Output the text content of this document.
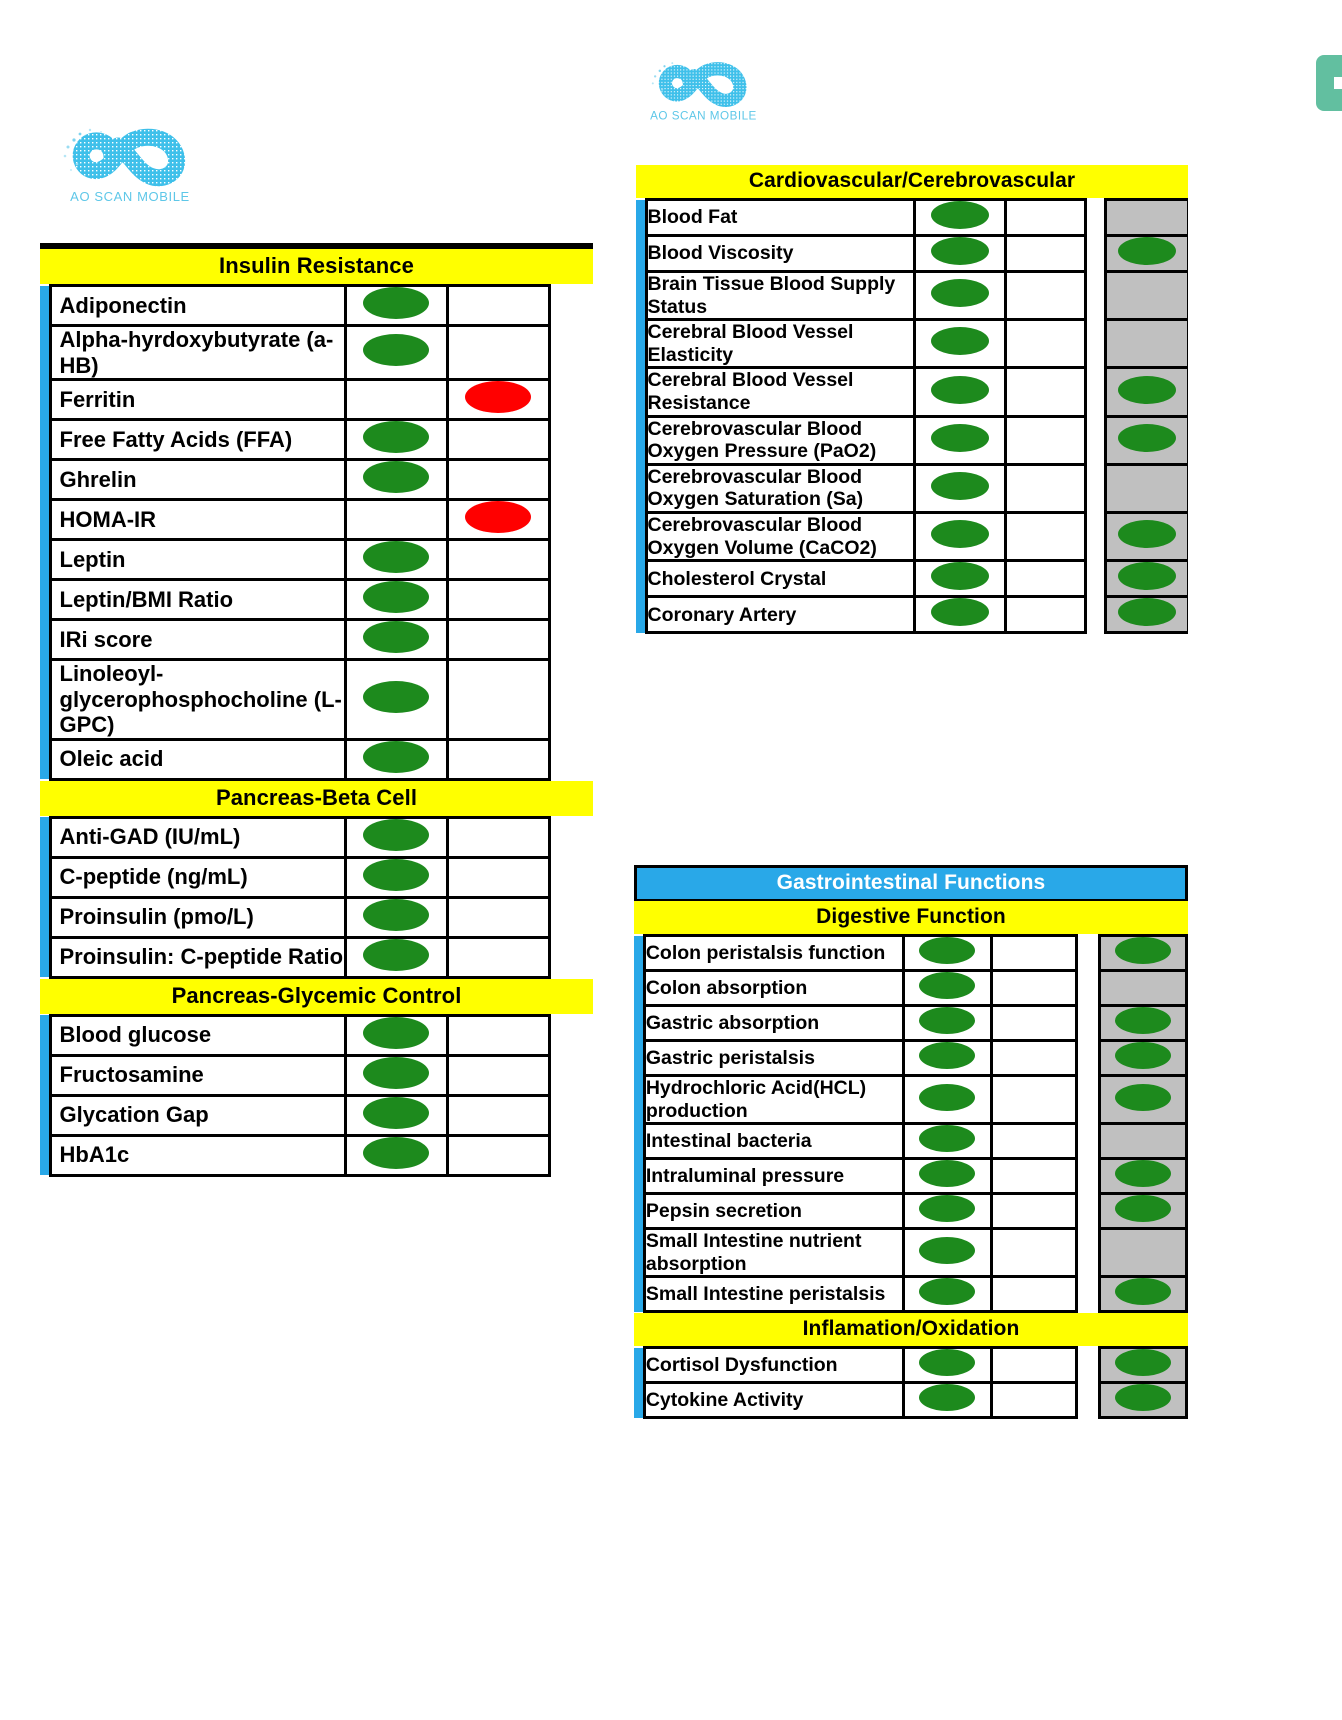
AO SCAN MOBILE
AO SCAN MOBILE
Insulin Resistance
	Adiponectin			
	Alpha-hyrdoxybutyrate (a-HB)			
	Ferritin			
	Free Fatty Acids (FFA)			
	Ghrelin			
	HOMA-IR			
	Leptin			
	Leptin/BMI Ratio			
	IRi score			
	Linoleoyl-glycerophosphocholine (L-GPC)			
	Oleic acid			
Pancreas-Beta Cell
	Anti-GAD (IU/mL)			
	C-peptide (ng/mL)			
	Proinsulin (pmo/L)			
	Proinsulin: C-peptide Ratio			
Pancreas-Glycemic Control
	Blood glucose			
	Fructosamine			
	Glycation Gap			
	HbA1c			
Cardiovascular/Cerebrovascular
	Blood Fat				
	Blood Viscosity				
	Brain Tissue Blood Supply Status				
	Cerebral Blood Vessel Elasticity				
	Cerebral Blood Vessel Resistance				
	Cerebrovascular Blood Oxygen Pressure (PaO2)				
	Cerebrovascular Blood Oxygen Saturation (Sa)				
	Cerebrovascular Blood Oxygen Volume (CaCO2)				
	Cholesterol Crystal				
	Coronary Artery				
Gastrointestinal Functions
Digestive Function
	Colon peristalsis function				
	Colon absorption				
	Gastric absorption				
	Gastric peristalsis				
	Hydrochloric Acid(HCL) production				
	Intestinal bacteria				
	Intraluminal pressure				
	Pepsin secretion				
	Small Intestine nutrient absorption				
	Small Intestine peristalsis				
Inflamation/Oxidation
	Cortisol Dysfunction				
	Cytokine Activity				
